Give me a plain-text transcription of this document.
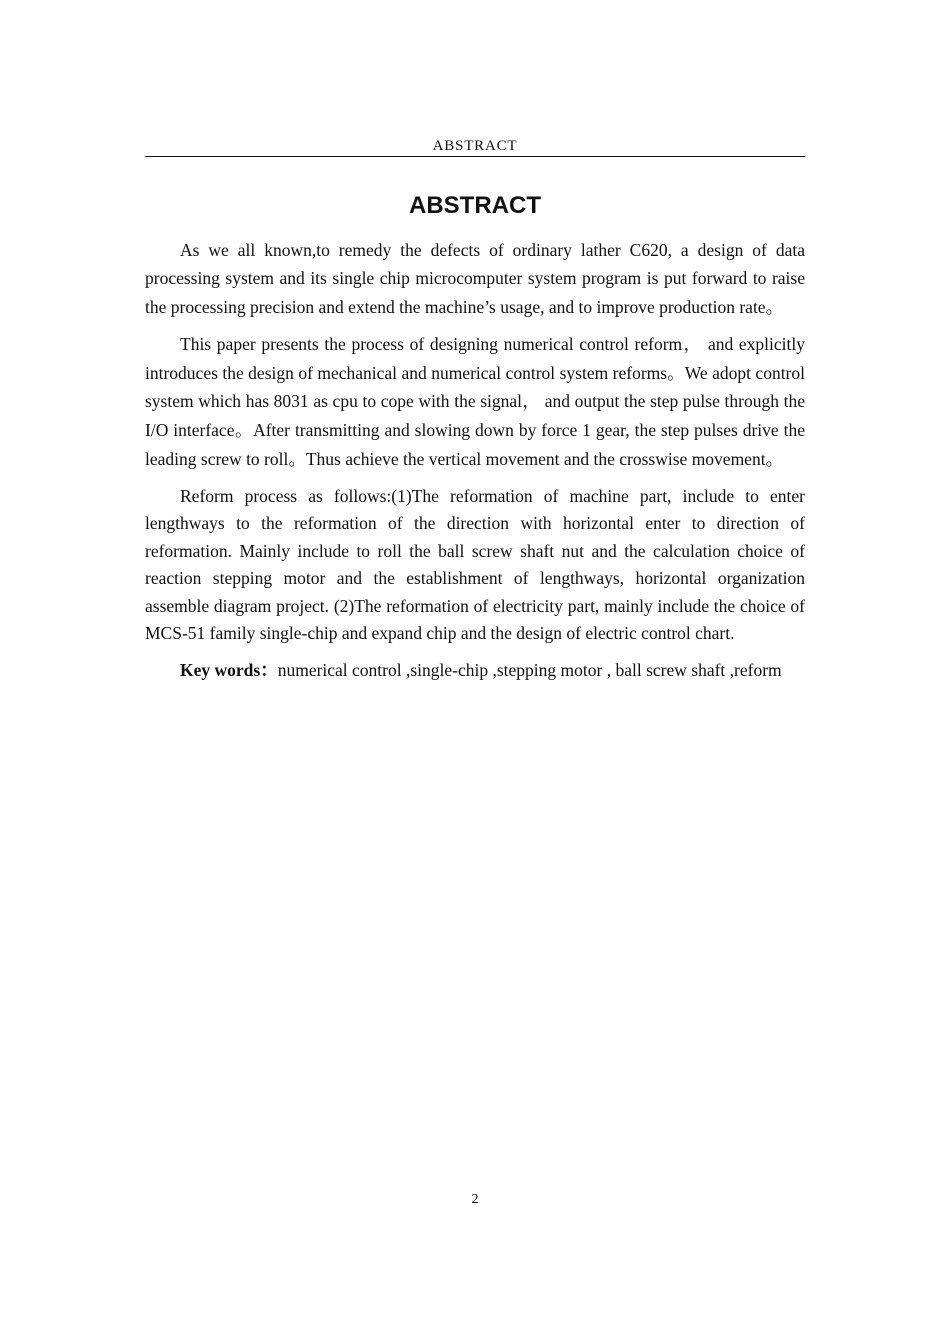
ABSTRACT
ABSTRACT

As we all known,to remedy the defects of ordinary lather C620, a design of data processing system and its single chip microcomputer system program is put forward to raise the processing precision and extend the machine’s usage, and to improve production rate。

This paper presents the process of designing numerical control reform， and explicitly introduces the design of mechanical and numerical control system reforms。We adopt control system which has 8031 as cpu to cope with the signal， and output the step pulse through the I/O interface。After transmitting and slowing down by force 1 gear, the step pulses drive the leading screw to roll。Thus achieve the vertical movement and the crosswise movement。

Reform process as follows:(1)The reformation of machine part, include to enter lengthways to the reformation of the direction with horizontal enter to direction of reformation. Mainly include to roll the ball screw shaft nut and the calculation choice of reaction stepping motor and the establishment of lengthways, horizontal organization assemble diagram project. (2)The reformation of electricity part, mainly include the choice of MCS-51 family single-chip and expand chip and the design of electric control chart.

Key words：numerical control ,single-chip ,stepping motor , ball screw shaft ,reform

2
